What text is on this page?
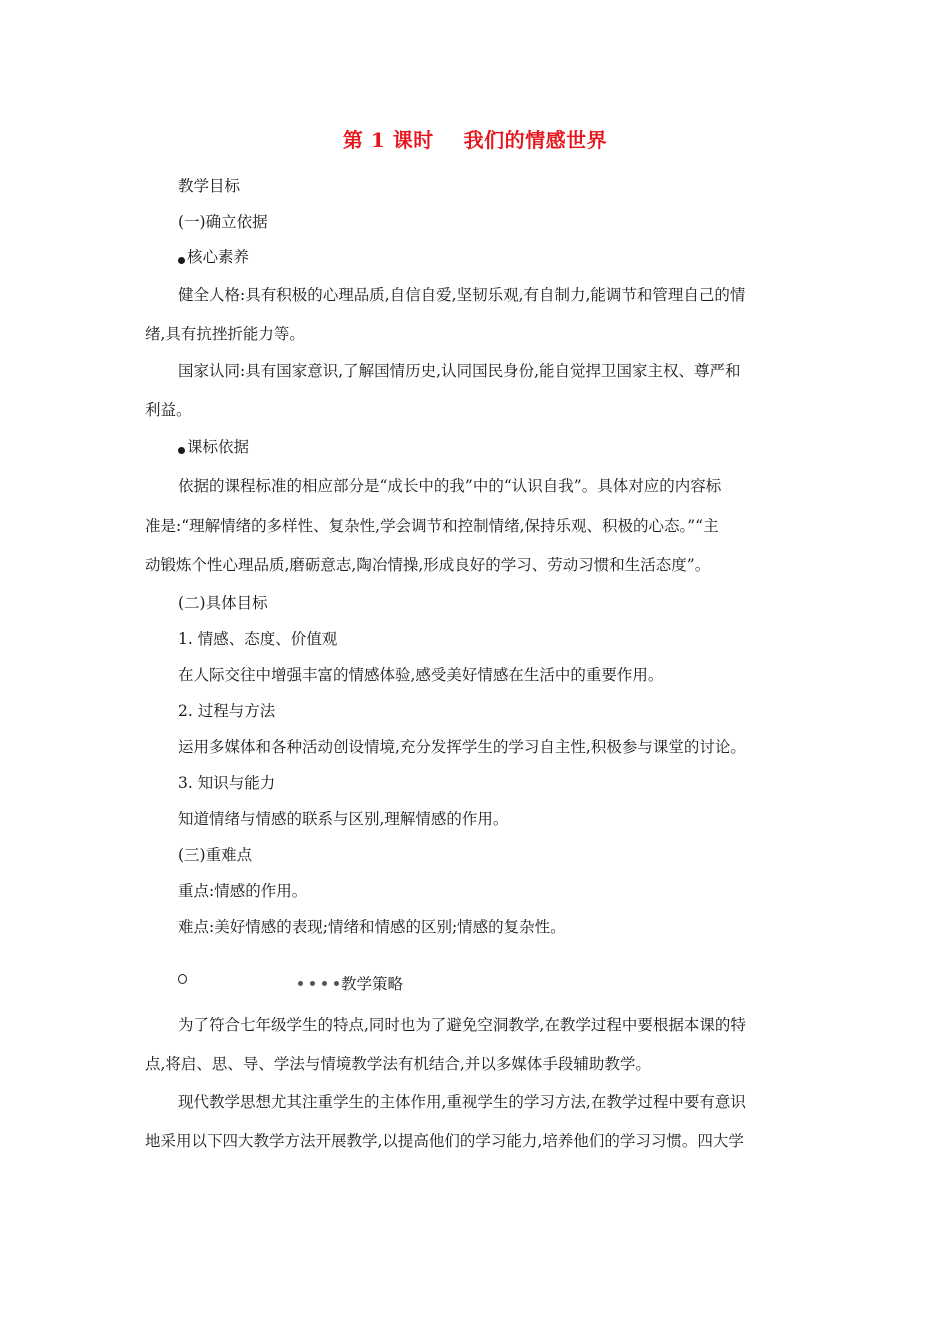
第 1 课时    我们的情感世界
教学目标
(一)确立依据
核心素养
健全人格:具有积极的心理品质,自信自爱,坚韧乐观,有自制力,能调节和管理自己的情
绪,具有抗挫折能力等。
国家认同:具有国家意识,了解国情历史,认同国民身份,能自觉捍卫国家主权、尊严和
利益。
课标依据
依据的课程标准的相应部分是“成长中的我”中的“认识自我”。具体对应的内容标
准是:“理解情绪的多样性、复杂性,学会调节和控制情绪,保持乐观、积极的心态。”“主
动锻炼个性心理品质,磨砺意志,陶冶情操,形成良好的学习、劳动习惯和生活态度”。
(二)具体目标
1. 情感、态度、价值观
在人际交往中增强丰富的情感体验,感受美好情感在生活中的重要作用。
2. 过程与方法
运用多媒体和各种活动创设情境,充分发挥学生的学习自主性,积极参与课堂的讨论。
3. 知识与能力
知道情绪与情感的联系与区别,理解情感的作用。
(三)重难点
重点:情感的作用。
难点:美好情感的表现;情绪和情感的区别;情感的复杂性。
教学策略
为了符合七年级学生的特点,同时也为了避免空洞教学,在教学过程中要根据本课的特
点,将启、思、导、学法与情境教学法有机结合,并以多媒体手段辅助教学。
现代教学思想尤其注重学生的主体作用,重视学生的学习方法,在教学过程中要有意识
地采用以下四大教学方法开展教学,以提高他们的学习能力,培养他们的学习习惯。四大学
